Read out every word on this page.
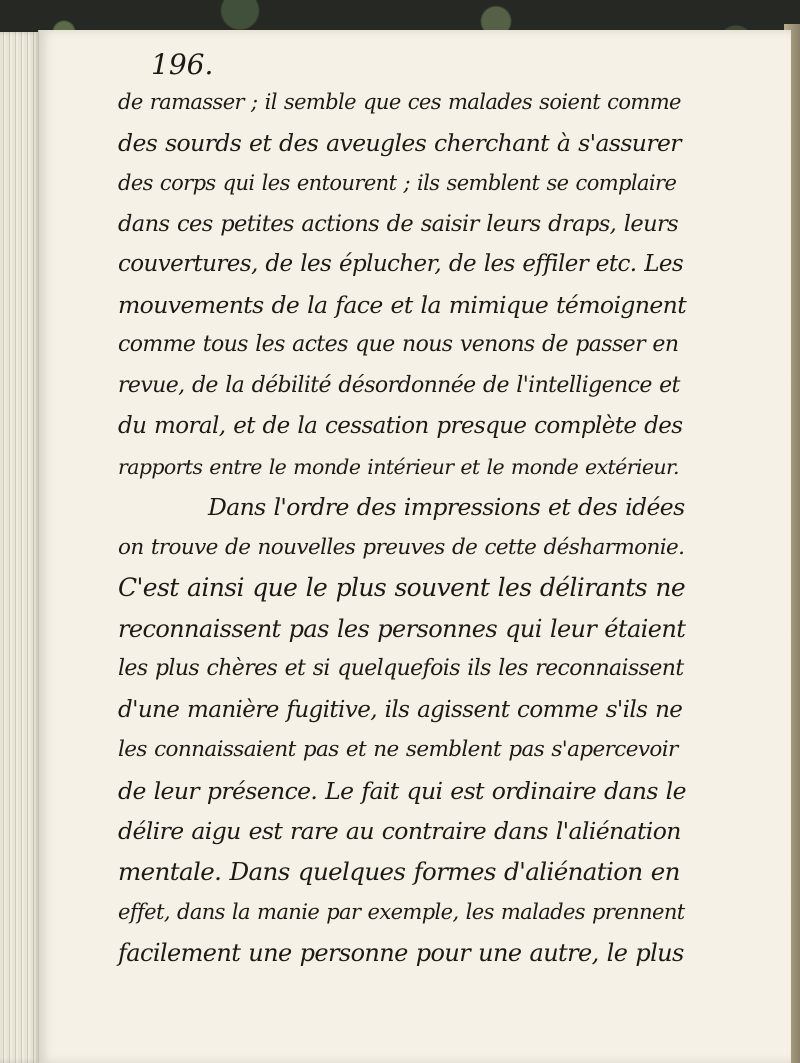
196.
de ramasser ; il semble que ces malades soient comme
des sourds et des aveugles cherchant à s'assurer
des corps qui les entourent ; ils semblent se complaire
dans ces petites actions de saisir leurs draps, leurs
couvertures, de les éplucher, de les effiler etc. Les
mouvements de la face et la mimique témoignent
comme tous les actes que nous venons de passer en
revue, de la débilité désordonnée de l'intelligence et
du moral, et de la cessation presque complète des
rapports entre le monde intérieur et le monde extérieur.
Dans l'ordre des impressions et des idées
on trouve de nouvelles preuves de cette désharmonie.
C'est ainsi que le plus souvent les délirants ne
reconnaissent pas les personnes qui leur étaient
les plus chères et si quelquefois ils les reconnaissent
d'une manière fugitive, ils agissent comme s'ils ne
les connaissaient pas et ne semblent pas s'apercevoir
de leur présence. Le fait qui est ordinaire dans le
délire aigu est rare au contraire dans l'aliénation
mentale. Dans quelques formes d'aliénation en
effet, dans la manie par exemple, les malades prennent
facilement une personne pour une autre, le plus
